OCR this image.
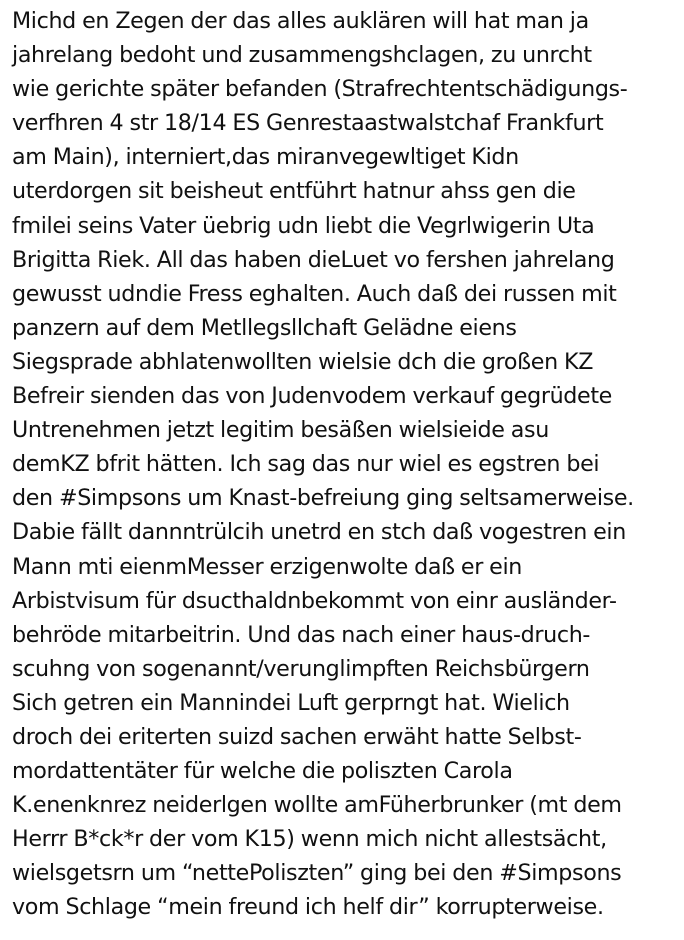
Michd en Zegen der das alles auklären will hat man ja
jahrelang bedoht und zusammengshclagen, zu unrcht
wie gerichte später befanden (Strafrechtentschädigungs-
verfhren 4 str 18/14 ES Genrestaastwalstchaf Frankfurt
am Main), interniert,das miranvegewltiget Kidn
uterdorgen sit beisheut entführt hatnur ahss gen die
fmilei seins Vater üebrig udn liebt die Vegrlwigerin Uta
Brigitta Riek. All das haben dieLuet vo fershen jahrelang
gewusst udndie Fress eghalten. Auch daß dei russen mit
panzern auf dem Metllegsllchaft Gelädne eiens
Siegsprade abhlatenwollten wielsie dch die großen KZ
Befreir sienden das von Judenvodem verkauf gegrüdete
Untrenehmen jetzt legitim besäßen wielsieide asu
demKZ bfrit hätten. Ich sag das nur wiel es egstren bei
den #Simpsons um Knast-befreiung ging seltsamerweise.
Dabie fällt dannntrülcih unetrd en stch daß vogestren ein
Mann mti eienmMesser erzigenwolte daß er ein
Arbistvisum für dsucthaldnbekommt von einr ausländer-
behröde mitarbeitrin. Und das nach einer haus-druch-
scuhng von sogenannt/verunglimpften Reichsbürgern
Sich getren ein Mannindei Luft gerprngt hat. Wielich
droch dei eriterten suizd sachen erwäht hatte Selbst-
mordattentäter für welche die poliszten Carola
K.enenknrez neiderlgen wollte amFüherbrunker (mt dem
Herrr B*ck*r der vom K15) wenn mich nicht allestsächt,
wielsgetsrn um “nettePoliszten” ging bei den #Simpsons
vom Schlage “mein freund ich helf dir” korrupterweise.
